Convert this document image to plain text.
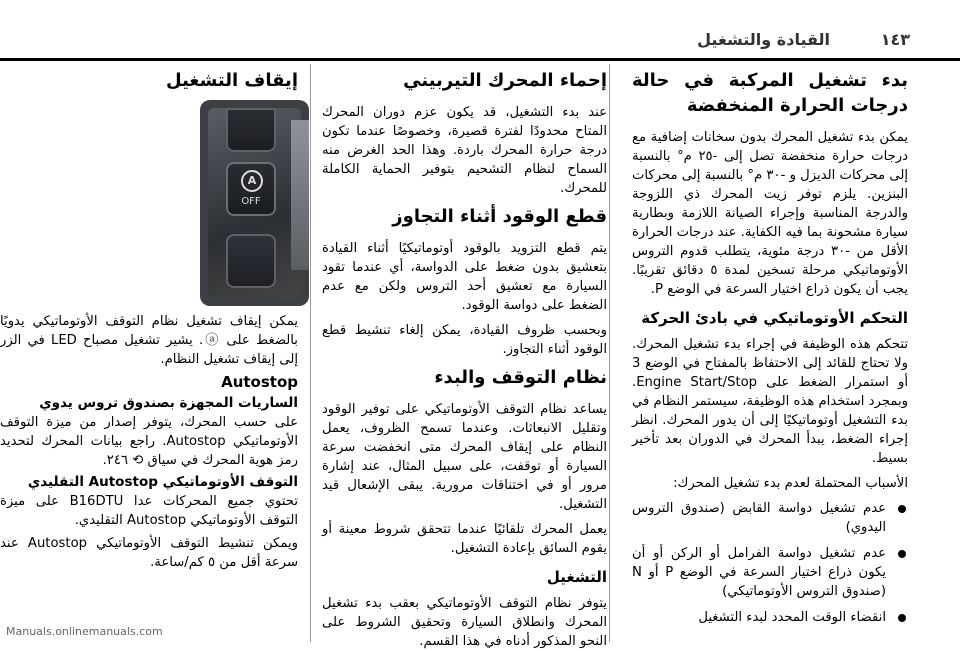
١٤٣
القيادة والتشغيل
بدء تشغيل المركبة في حالة درجات الحرارة المنخفضة

يمكن بدء تشغيل المحرك بدون سخانات إضافية مع درجات حرارة منخفضة تصل إلى -٢٥ م° بالنسبة إلى محركات الديزل و -٣٠ م° بالنسبة إلى محركات البنزين. يلزم توفر زيت المحرك ذي اللزوجة والدرجة المناسبة وإجراء الصيانة اللازمة وبطارية سيارة مشحونة بما فيه الكفاية. عند درجات الحرارة الأقل من -٣٠ درجة مئوية، يتطلب قدوم التروس الأوتوماتيكي مرحلة تسخين لمدة ٥ دقائق تقريبًا. يجب أن يكون ذراع اختيار السرعة في الوضع P.

التحكم الأوتوماتيكي في بادئ الحركة

تتحكم هذه الوظيفة في إجراء بدء تشغيل المحرك. ولا تحتاج للقائد إلى الاحتفاظ بالمفتاح في الوضع 3 أو استمرار الضغط على Engine Start/Stop. وبمجرد استخدام هذه الوظيفة، سيستمر النظام في بدء التشغيل أوتوماتيكيًا إلى أن يدور المحرك. انظر إجراء الضغط، يبدأ المحرك في الدوران بعد تأخير بسيط.

الأسباب المحتملة لعدم بدء تشغيل المحرك:

عدم تشغيل دواسة القابض (صندوق التروس اليدوي)
عدم تشغيل دواسة الفرامل أو الركن أو أن يكون ذراع اختيار السرعة في الوضع P أو N (صندوق التروس الأوتوماتيكي)
انقضاء الوقت المحدد لبدء التشغيل
إحماء المحرك التيربيني

عند بدء التشغيل، قد يكون عزم دوران المحرك المتاح محدودًا لفترة قصيرة، وخصوصًا عندما تكون درجة حرارة المحرك باردة. وهذا الحد الغرض منه السماح لنظام التشحيم بتوفير الحماية الكاملة للمحرك.

قطع الوقود أثناء التجاوز

يتم قطع التزويد بالوقود أوتوماتيكيًا أثناء القيادة بتعشيق بدون ضغط على الدواسة، أي عندما تقود السيارة مع تعشيق أحد التروس ولكن مع عدم الضغط على دواسة الوقود.

وبحسب ظروف القيادة، يمكن إلغاء تنشيط قطع الوقود أثناء التجاوز.

نظام التوقف والبدء

يساعد نظام التوقف الأوتوماتيكي على توفير الوقود وتقليل الانبعاثات. وعندما تسمح الظروف، يعمل النظام على إيقاف المحرك متى انخفضت سرعة السيارة أو توقفت، على سبيل المثال، عند إشارة مرور أو في اختناقات مرورية. يبقى الإشعال قيد التشغيل.

يعمل المحرك تلقائيًا عندما تتحقق شروط معينة أو يقوم السائق بإعادة التشغيل.

التشغيل

يتوفر نظام التوقف الأوتوماتيكي بعقب بدء تشغيل المحرك وانطلاق السيارة وتحقيق الشروط على النحو المذكور أدناه في هذا القسم.

إيقاف التشغيل
A
OFF

يمكن إيقاف تشغيل نظام التوقف الأوتوماتيكي يدويًا بالضغط على ⓐ. يشير تشغيل مصباح LED في الزر إلى إيقاف تشغيل النظام.

Autostop
الساريات المجهزة بصندوق تروس يدوي

على حسب المحرك، يتوفر إصدار من ميزة التوقف الأوتوماتيكي Autostop. راجع بيانات المحرك لتحديد رمز هوية المحرك في سياق ⟲ ٢٤٦.

التوقف الأوتوماتيكي Autostop التقليدي

تحتوي جميع المحركات عدا B16DTU على ميزة التوقف الأوتوماتيكي Autostop التقليدي.

ويمكن تنشيط التوقف الأوتوماتيكي Autostop عند سرعة أقل من ٥ كم/ساعة.

Manuals.onlinemanuals.com
